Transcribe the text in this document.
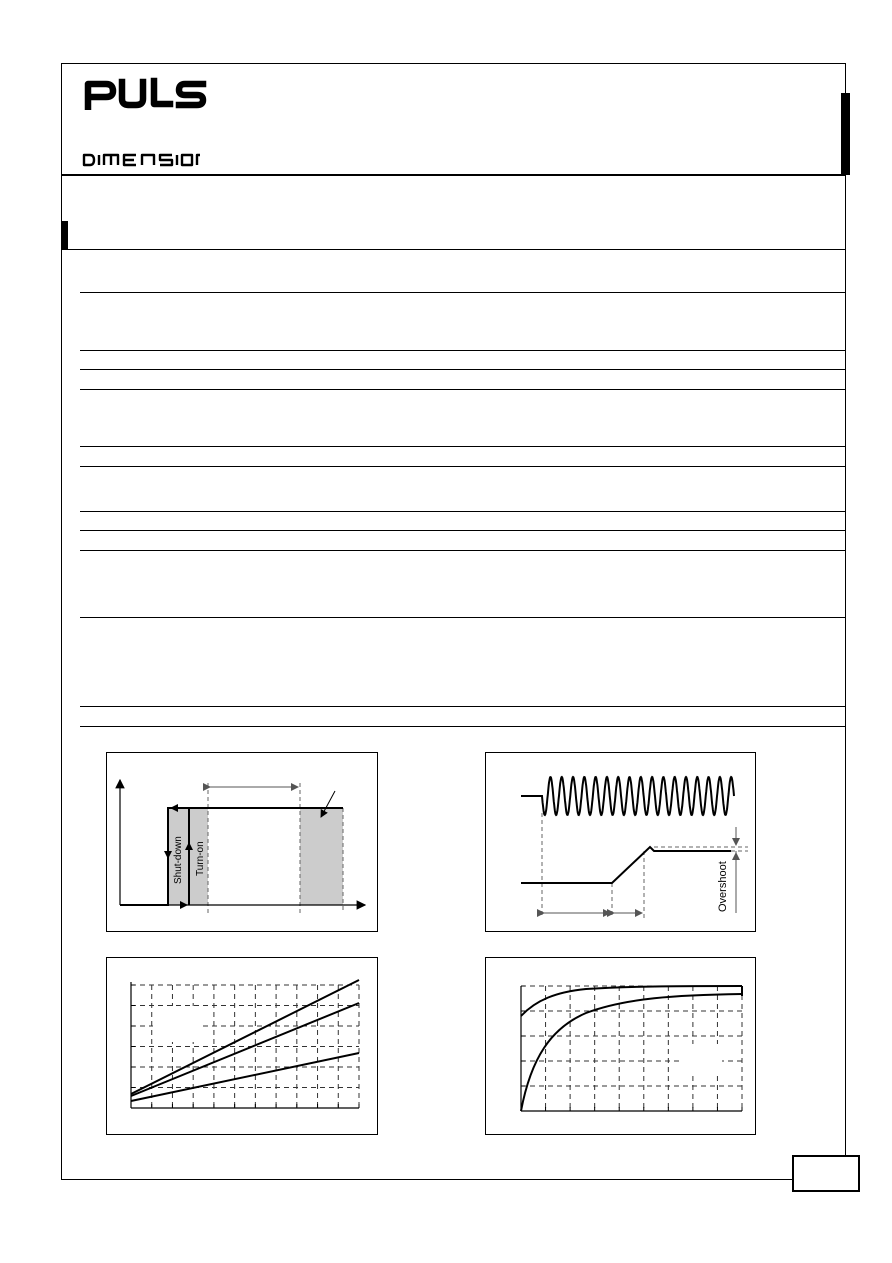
Shut-down Turn-on
Overshoot
